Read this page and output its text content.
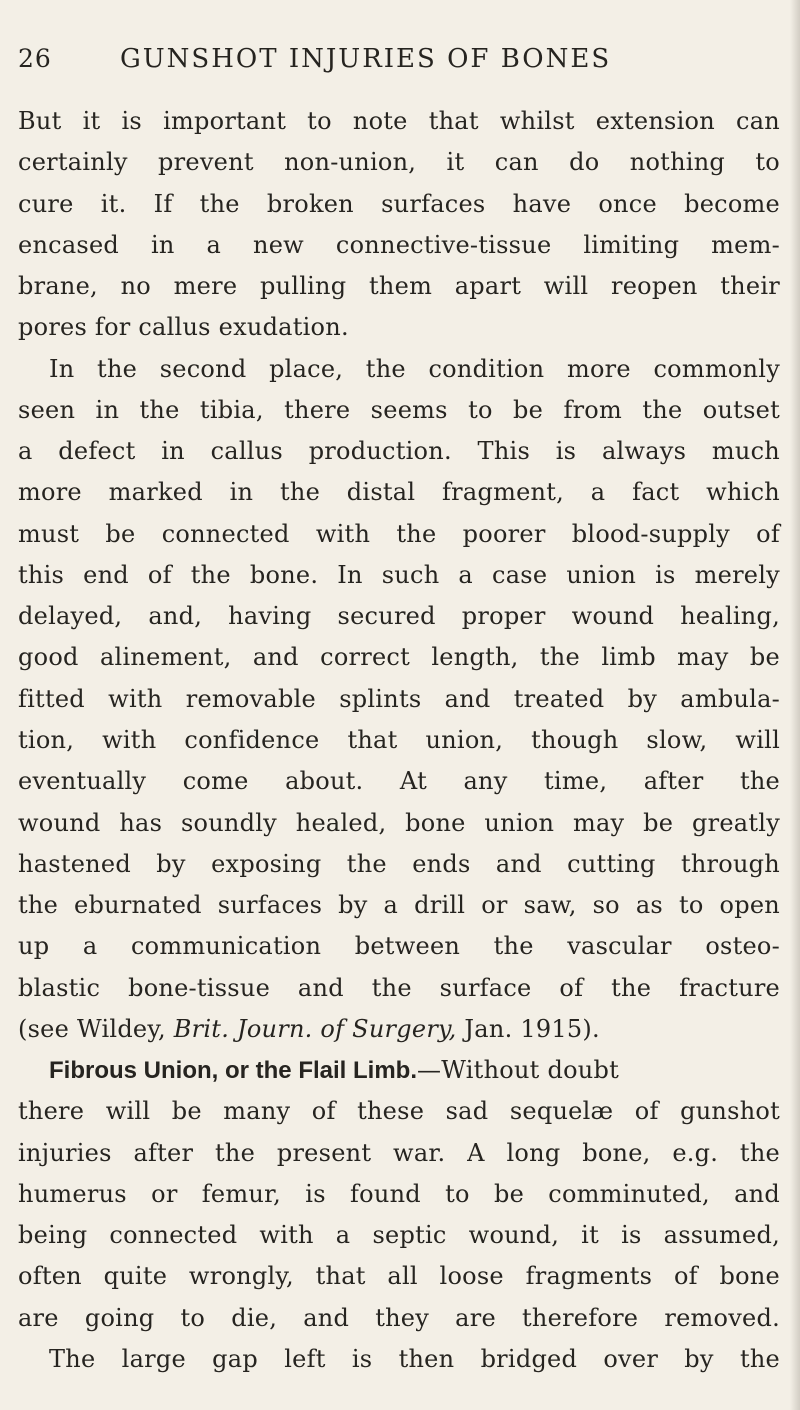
26	GUNSHOT INJURIES OF BONES
But it is important to note that whilst extension can
certainly prevent non-union, it can do nothing to
cure it. If the broken surfaces have once become
encased in a new connective-tissue limiting mem-
brane, no mere pulling them apart will reopen their
pores for callus exudation.
In the second place, the condition more commonly
seen in the tibia, there seems to be from the outset
a defect in callus production. This is always much
more marked in the distal fragment, a fact which
must be connected with the poorer blood-supply of
this end of the bone. In such a case union is merely
delayed, and, having secured proper wound healing,
good alinement, and correct length, the limb may be
fitted with removable splints and treated by ambula-
tion, with confidence that union, though slow, will
eventually come about. At any time, after the
wound has soundly healed, bone union may be greatly
hastened by exposing the ends and cutting through
the eburnated surfaces by a drill or saw, so as to open
up a communication between the vascular osteo-
blastic bone-tissue and the surface of the fracture
(see Wildey, Brit. Journ. of Surgery, Jan. 1915).
Fibrous Union, or the Flail Limb.—Without doubt
there will be many of these sad sequelæ of gunshot
injuries after the present war. A long bone, e.g. the
humerus or femur, is found to be comminuted, and
being connected with a septic wound, it is assumed,
often quite wrongly, that all loose fragments of bone
are going to die, and they are therefore removed.
The large gap left is then bridged over by the
